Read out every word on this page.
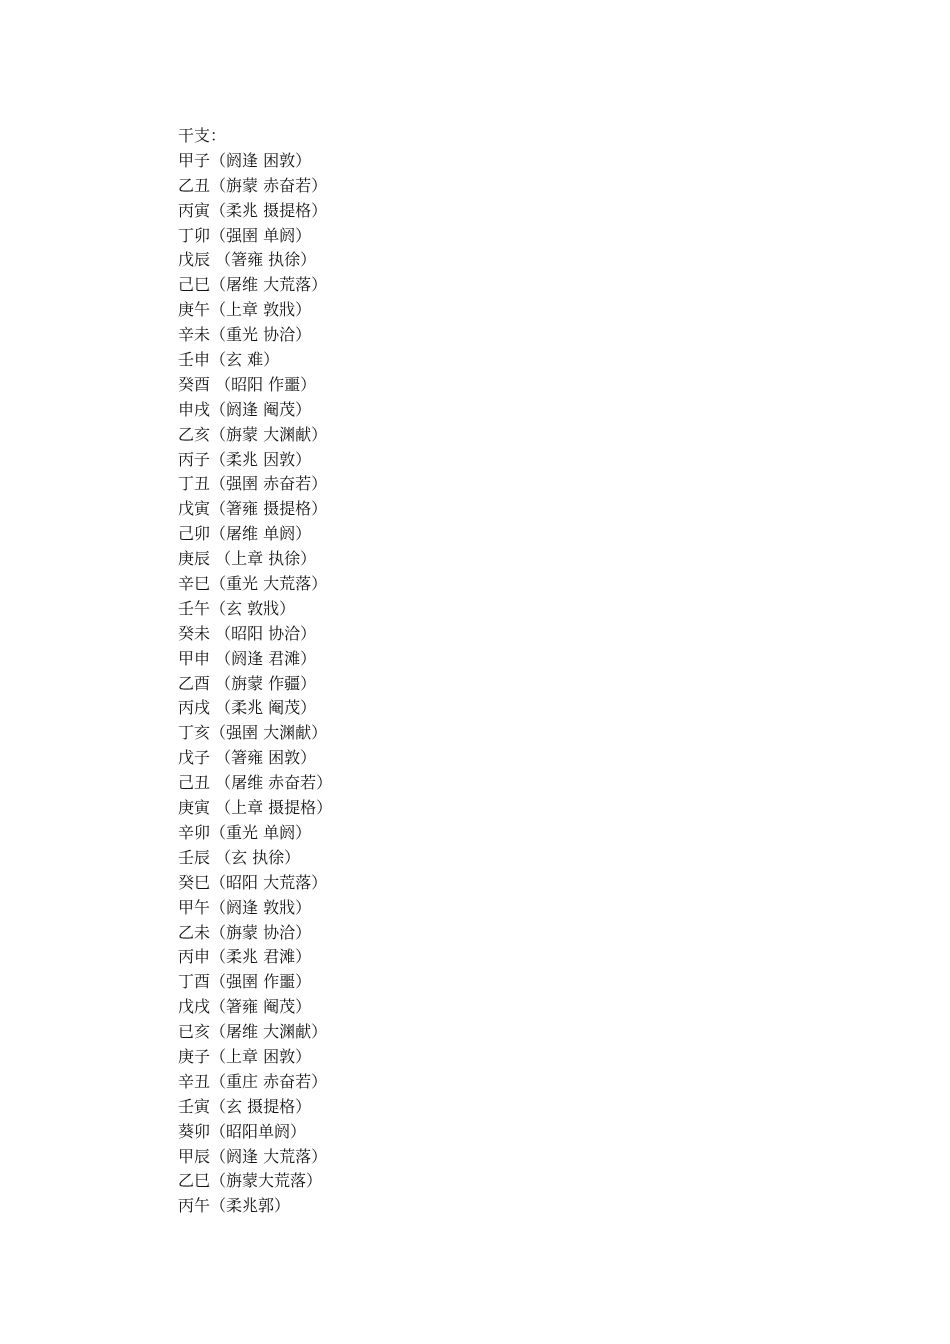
干支：
甲子（阏逢 困敦）
乙丑（旃蒙 赤奋若）
丙寅（柔兆 摄提格）
丁卯（强圉 单阏）
戊辰 （箸雍 执徐）
己巳（屠维 大荒落）
庚午（上章 敦戕）
辛未（重光 协洽）
壬申（玄 难）
癸酉 （昭阳 作噩）
申戌（阏逢 阉茂）
乙亥（旃蒙 大渊献）
丙子（柔兆 因敦）
丁丑（强圉 赤奋若）
戊寅（箸雍 摄提格）
己卯（屠维 单阏）
庚辰 （上章 执徐）
辛巳（重光 大荒落）
壬午（玄 敦戕）
癸未 （昭阳 协洽）
甲申 （阏逢 君滩）
乙酉 （旃蒙 作疆）
丙戌 （柔兆 阉茂）
丁亥（强圉 大渊献）
戊子 （箸雍 困敦）
己丑 （屠维 赤奋若）
庚寅 （上章 摄提格）
辛卯（重光 单阏）
壬辰 （玄 执徐）
癸巳（昭阳 大荒落）
甲午（阏逢 敦戕）
乙未（旃蒙 协洽）
丙申（柔兆 君滩）
丁酉（强圉 作噩）
戊戌（箸雍 阉茂）
已亥（屠维 大渊献）
庚子（上章 困敦）
辛丑（重庄 赤奋若）
壬寅（玄 摄提格）
葵卯（昭阳单阏）
甲辰（阏逢 大荒落）
乙巳（旃蒙大荒落）
丙午（柔兆郭）
